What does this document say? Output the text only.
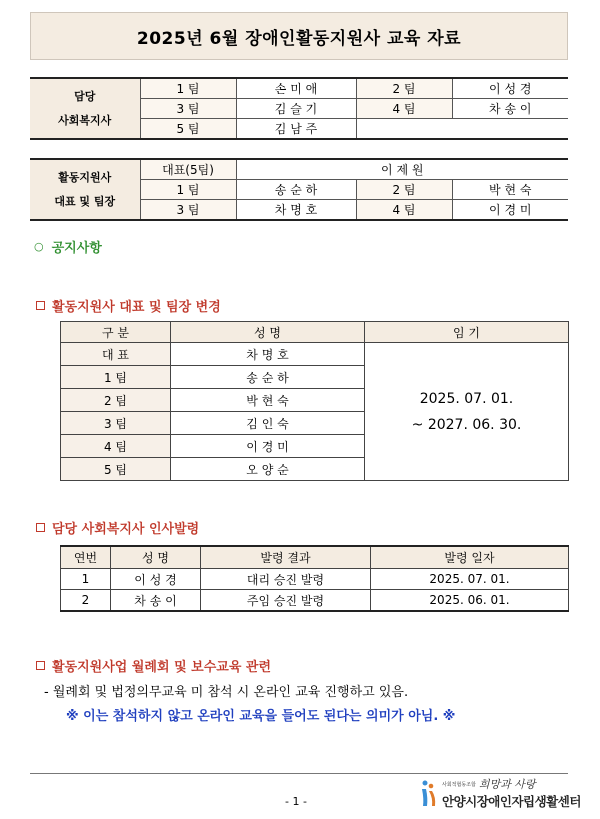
2025년 6월 장애인활동지원사 교육 자료
담당
사회복지사	1 팀	손 미 애	2 팀	이 성 경
	3 팀	김 슬 기	4 팀	차 송 이
	5 팀	김 남 주		
활동지원사
대표 및 팀장	대표(5팀)	이 제 원		
	1 팀	송 순 하	2 팀	박 현 숙
	3 팀	차 명 호	4 팀	이 경 미
○ 공지사항
활동지원사 대표 및 팀장 변경
구 분	성 명	임 기
대 표	차 명 호	2025. 07. 01.
~ 2027. 06. 30.
1 팀	송 순 하	
2 팀	박 현 숙	
3 팀	김 인 숙	
4 팀	이 경 미	
5 팀	오 양 순	
담당 사회복지사 인사발령
연번	성 명	발령 결과	발령 일자
1	이 성 경	대리 승진 발령	2025. 07. 01.
2	차 송 이	주임 승진 발령	2025. 06. 01.
활동지원사업 월례회 및 보수교육 관련
- 월례회 및 법정의무교육 미 참석 시 온라인 교육 진행하고 있음.
※ 이는 참석하지 않고 온라인 교육을 들어도 된다는 의미가 아님. ※
- 1 -
사회적협동조합 희망과 사랑
안양시장애인자립생활센터
